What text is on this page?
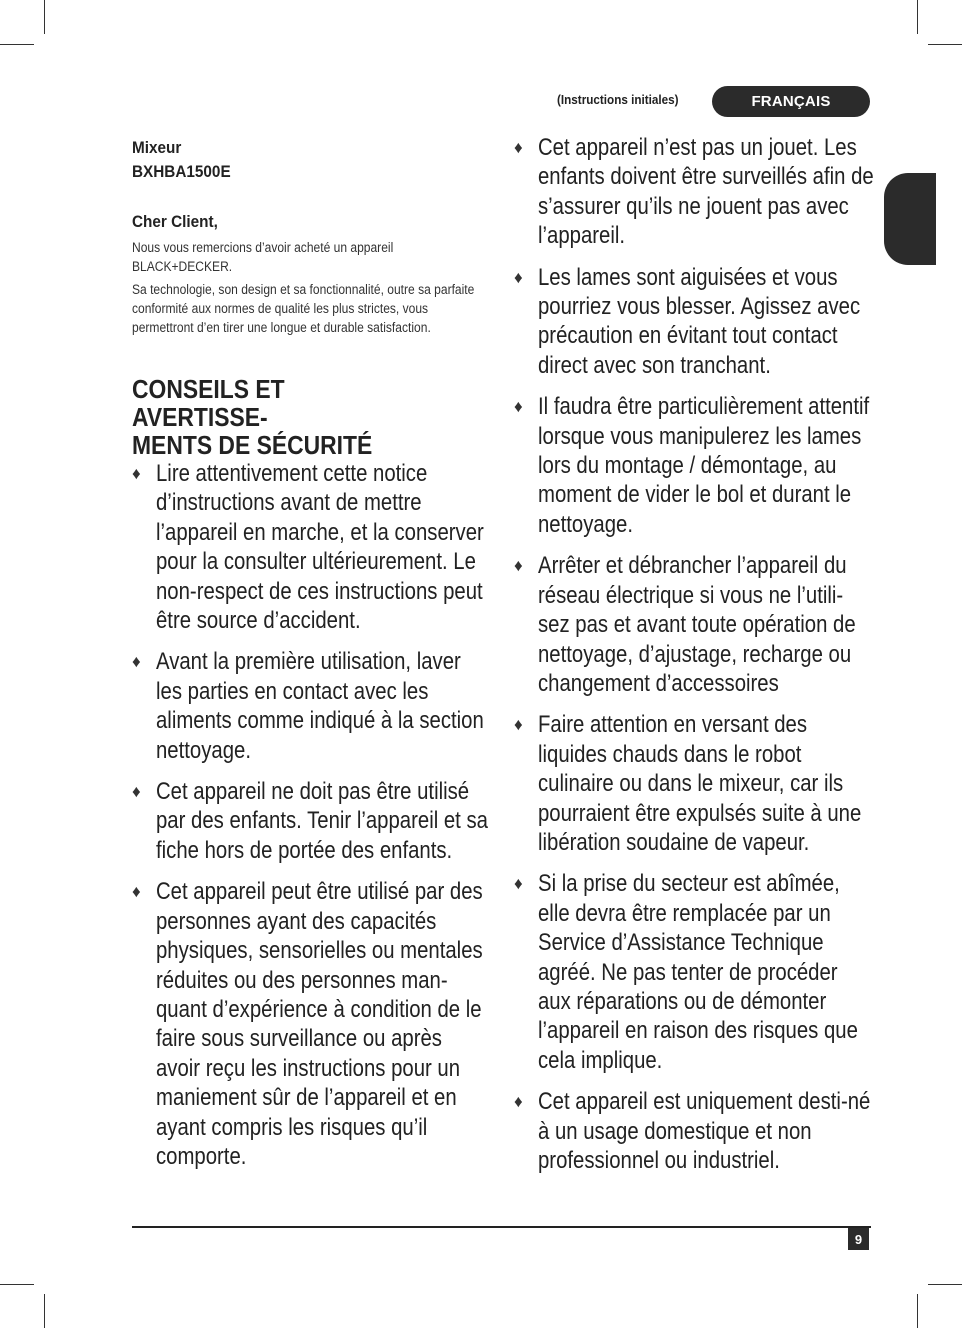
(Instructions initiales)	FRANÇAIS
Mixeur
BXHBA1500E
Cher Client,

Nous vous remercions d’avoir acheté un appareil BLACK+DECKER.

Sa technologie, son design et sa fonctionnalité, outre sa parfaite conformité aux normes de qualité les plus strictes, vous permettront d’en tirer une longue et durable satisfaction.

CONSEILS ET AVERTISSE-
MENTS DE SÉCURITÉ
♦ Lire attentivement cette notice d’instructions avant de mettre l’appareil en marche, et la conserver pour la consulter ultérieurement. Le non-respect de ces instructions peut être source d’accident.
♦ Avant la première utilisation, laver les parties en contact avec les aliments comme indiqué à la section nettoyage.
♦ Cet appareil ne doit pas être utilisé par des enfants. Tenir l’appareil et sa fiche hors de portée des enfants.
♦ Cet appareil peut être utilisé par des personnes ayant des capacités physiques, sensorielles ou mentales réduites ou des personnes man-quant d’expérience à condition de le faire sous surveillance ou après avoir reçu les instructions pour un maniement sûr de l’appareil et en ayant compris les risques qu’il comporte.
♦ Cet appareil n’est pas un jouet. Les enfants doivent être surveillés afin de s’assurer qu’ils ne jouent pas avec l’appareil.
♦ Les lames sont aiguisées et vous pourriez vous blesser. Agissez avec précaution en évitant tout contact direct avec son tranchant.
♦ Il faudra être particulièrement attentif lorsque vous manipulerez les lames lors du montage / démontage, au moment de vider le bol et durant le nettoyage.
♦ Arrêter et débrancher l’appareil du réseau électrique si vous ne l’utili-sez pas et avant toute opération de nettoyage, d’ajustage, recharge ou changement d’accessoires
♦ Faire attention en versant des liquides chauds dans le robot culinaire ou dans le mixeur, car ils pourraient être expulsés suite à une libération soudaine de vapeur.
♦ Si la prise du secteur est abîmée, elle devra être remplacée par un Service d’Assistance Technique agréé. Ne pas tenter de procéder aux réparations ou de démonter l’appareil en raison des risques que cela implique.
♦ Cet appareil est uniquement desti-né à un usage domestique et non professionnel ou industriel.
9
